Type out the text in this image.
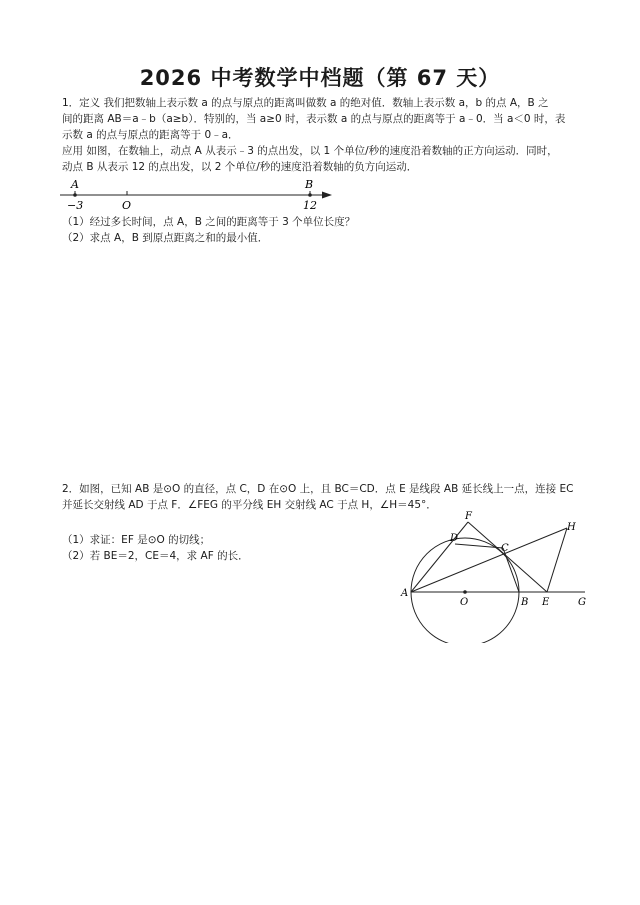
2026 中考数学中档题（第 67 天）

1．定义 我们把数轴上表示数 a 的点与原点的距离叫做数 a 的绝对值．数轴上表示数 a，b 的点 A，B 之

间的距离 AB＝a﹣b（a≥b）．特别的，当 a≥0 时，表示数 a 的点与原点的距离等于 a﹣0．当 a＜0 时，表

示数 a 的点与原点的距离等于 0﹣a．

应用 如图，在数轴上，动点 A 从表示﹣3 的点出发，以 1 个单位/秒的速度沿着数轴的正方向运动．同时，

动点 B 从表示 12 的点出发，以 2 个单位/秒的速度沿着数轴的负方向运动．

A	B
O
−3	12

（1）经过多长时间，点 A，B 之间的距离等于 3 个单位长度？

（2）求点 A，B 到原点距离之和的最小值．

2．如图，已知 AB 是⊙O 的直径，点 C，D 在⊙O 上，且 BC＝CD．点 E 是线段 AB 延长线上一点，连接 EC

并延长交射线 AD 于点 F．∠FEG 的平分线 EH 交射线 AC 于点 H，∠H＝45°．

（1）求证：EF 是⊙O 的切线；

（2）若 BE＝2，CE＝4，求 AF 的长．

A
B
C
D
E
F
G
H
O
